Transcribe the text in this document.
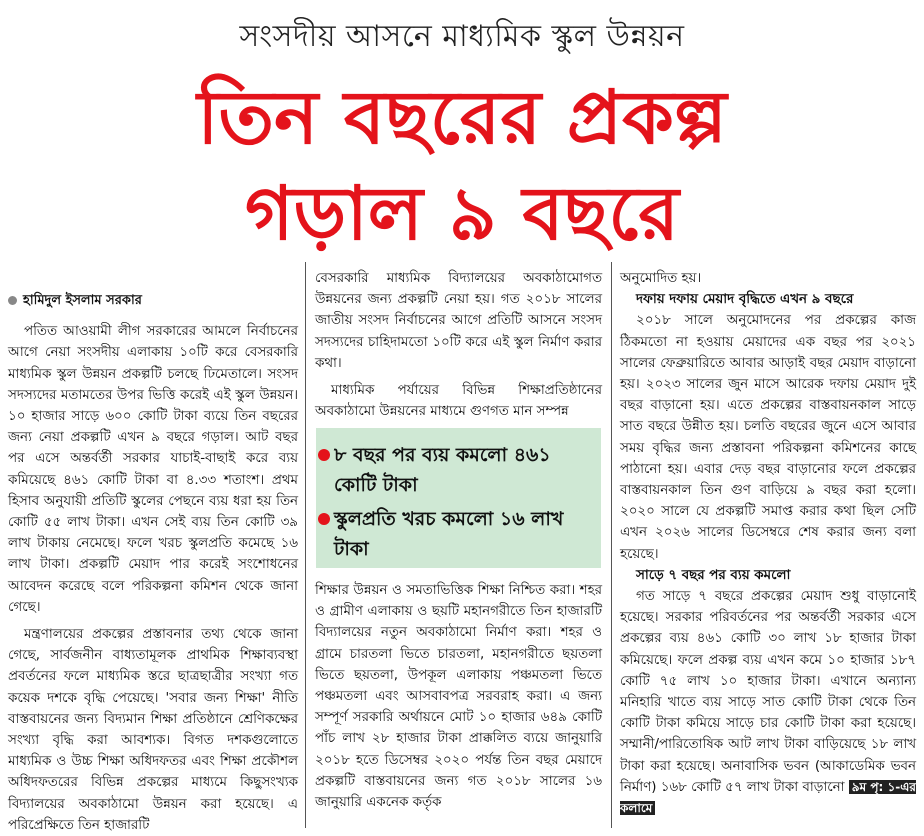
সংসদীয় আসনে মাধ্যমিক স্কুল উন্নয়ন
তিন বছরের প্রকল্প
গড়াল ৯ বছরে

হামিদুল ইসলাম সরকার

পতিত আওয়ামী লীগ সরকারের আমলে নির্বাচনের আগে নেয়া সংসদীয় এলাকায় ১০টি করে বেসরকারি মাধ্যমিক স্কুল উন্নয়ন প্রকল্পটি চলছে ঢিমেতালে। সংসদ সদস্যদের মতামতের উপর ভিত্তি করেই এই স্কুল উন্নয়ন। ১০ হাজার সাড়ে ৬০০ কোটি টাকা ব্যয়ে তিন বছরের জন্য নেয়া প্রকল্পটি এখন ৯ বছরে গড়াল। আট বছর পর এসে অন্তর্বর্তী সরকার যাচাই-বাছাই করে ব্যয় কমিয়েছে ৪৬১ কোটি টাকা বা ৪.৩৩ শতাংশ। প্রথম হিসাব অনুযায়ী প্রতিটি স্কুলের পেছনে ব্যয় ধরা হয় তিন কোটি ৫৫ লাখ টাকা। এখন সেই ব্যয় তিন কোটি ৩৯ লাখ টাকায় নেমেছে। ফলে খরচ স্কুলপ্রতি কমেছে ১৬ লাখ টাকা। প্রকল্পটি মেয়াদ পার করেই সংশোধনের আবেদন করেছে বলে পরিকল্পনা কমিশন থেকে জানা গেছে।

মন্ত্রণালয়ের প্রকল্পের প্রস্তাবনার তথ্য থেকে জানা গেছে, সার্বজনীন বাধ্যতামূলক প্রাথমিক শিক্ষাব্যবস্থা প্রবর্তনের ফলে মাধ্যমিক স্তরে ছাত্রছাত্রীর সংখ্যা গত কয়েক দশকে বৃদ্ধি পেয়েছে। 'সবার জন্য শিক্ষা' নীতি বাস্তবায়নের জন্য বিদ্যমান শিক্ষা প্রতিষ্ঠানে শ্রেণিকক্ষের সংখ্যা বৃদ্ধি করা আবশ্যক। বিগত দশকগুলোতে মাধ্যমিক ও উচ্চ শিক্ষা অধিদফতর এবং শিক্ষা প্রকৌশল অধিদফতরের বিভিন্ন প্রকল্পের মাধ্যমে কিছুসংখ্যক বিদ্যালয়ের অবকাঠামো উন্নয়ন করা হয়েছে। এ পরিপ্রেক্ষিতে তিন হাজারটি

বেসরকারি মাধ্যমিক বিদ্যালয়ের অবকাঠামোগত উন্নয়নের জন্য প্রকল্পটি নেয়া হয়। গত ২০১৮ সালের জাতীয় সংসদ নির্বাচনের আগে প্রতিটি আসনে সংসদ সদস্যদের চাহিদামতো ১০টি করে এই স্কুল নির্মাণ করার কথা।

মাধ্যমিক পর্যায়ের বিভিন্ন শিক্ষাপ্রতিষ্ঠানের অবকাঠামো উন্নয়নের মাধ্যমে গুণগত মান সম্পন্ন

৮ বছর পর ব্যয় কমলো ৪৬১ কোটি টাকা
স্কুলপ্রতি খরচ কমলো ১৬ লাখ টাকা

শিক্ষার উন্নয়ন ও সমতাভিত্তিক শিক্ষা নিশ্চিত করা। শহর ও গ্রামীণ এলাকায় ও ছয়টি মহানগরীতে তিন হাজারটি বিদ্যালয়ের নতুন অবকাঠামো নির্মাণ করা। শহর ও গ্রামে চারতলা ভিতে চারতলা, মহানগরীতে ছয়তলা ভিতে ছয়তলা, উপকূল এলাকায় পঞ্চমতলা ভিতে পঞ্চমতলা এবং আসবাবপত্র সরবরাহ করা। এ জন্য সম্পূর্ণ সরকারি অর্থায়নে মোট ১০ হাজার ৬৪৯ কোটি পাঁচ লাখ ২৮ হাজার টাকা প্রাক্কলিত ব্যয়ে জানুয়ারি ২০১৮ হতে ডিসেম্বর ২০২০ পর্যন্ত তিন বছর মেয়াদে প্রকল্পটি বাস্তবায়নের জন্য গত ২০১৮ সালের ১৬ জানুয়ারি একনেক কর্তৃক

অনুমোদিত হয়।

দফায় দফায় মেয়াদ বৃদ্ধিতে এখন ৯ বছরে

২০১৮ সালে অনুমোদনের পর প্রকল্পের কাজ ঠিকমতো না হওয়ায় মেয়াদের এক বছর পর ২০২১ সালের ফেব্রুয়ারিতে আবার আড়াই বছর মেয়াদ বাড়ানো হয়। ২০২৩ সালের জুন মাসে আরেক দফায় মেয়াদ দুই বছর বাড়ানো হয়। এতে প্রকল্পের বাস্তবায়নকাল সাড়ে সাত বছরে উন্নীত হয়। চলতি বছরের জুনে এসে আবার সময় বৃদ্ধির জন্য প্রস্তাবনা পরিকল্পনা কমিশনের কাছে পাঠানো হয়। এবার দেড় বছর বাড়ানোর ফলে প্রকল্পের বাস্তবায়নকাল তিন গুণ বাড়িয়ে ৯ বছর করা হলো। ২০২০ সালে যে প্রকল্পটি সমাপ্ত করার কথা ছিল সেটি এখন ২০২৬ সালের ডিসেম্বরে শেষ করার জন্য বলা হয়েছে।

সাড়ে ৭ বছর পর ব্যয় কমলো

গত সাড়ে ৭ বছরে প্রকল্পের মেয়াদ শুধু বাড়ানোই হয়েছে। সরকার পরিবর্তনের পর অন্তর্বর্তী সরকার এসে প্রকল্পের ব্যয় ৪৬১ কোটি ৩০ লাখ ১৮ হাজার টাকা কমিয়েছে। ফলে প্রকল্প ব্যয় এখন কমে ১০ হাজার ১৮৭ কোটি ৭৫ লাখ ১০ হাজার টাকা। এখানে অন্যান্য মনিহারি খাতে ব্যয় সাড়ে সাত কোটি টাকা থেকে তিন কোটি টাকা কমিয়ে সাড়ে চার কোটি টাকা করা হয়েছে। সম্মানী/পারিতোষিক আট লাখ টাকা বাড়িয়েছে ১৮ লাখ টাকা করা হয়েছে। অনাবাসিক ভবন (আকাডেমিক ভবন নির্মাণ) ১৬৮ কোটি ৫৭ লাখ টাকা বাড়ানো ৯ম পৃ: ১-এর কলামে
